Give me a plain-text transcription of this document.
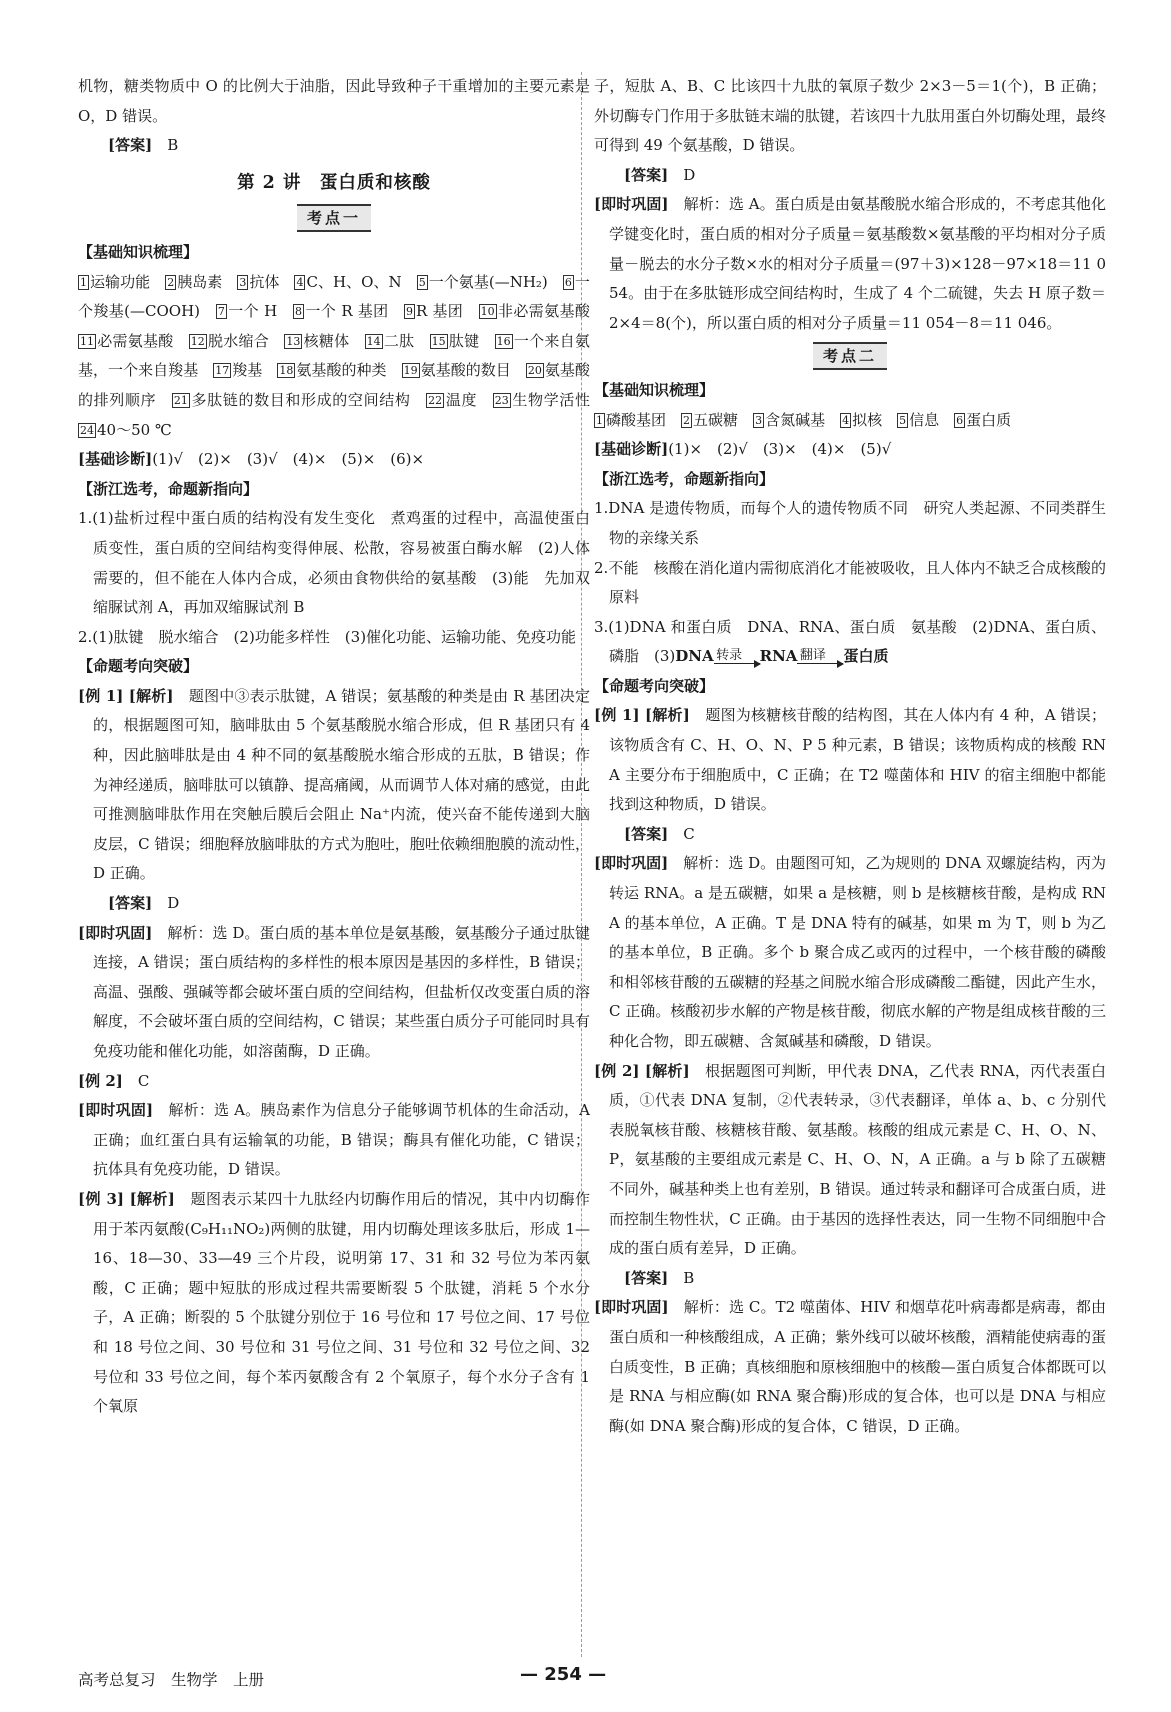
机物，糖类物质中 O 的比例大于油脂，因此导致种子干重增加的主要元素是 O，D 错误。

[答案]　 B

第 2 讲　蛋白质和核酸

考点一

【基础知识梳理】

1 运输功能　 2 胰岛素　 3 抗体　 4 C、H、O、N　 5 一个氨基(—NH₂)　 6 一个羧基(—COOH)　 7 一个 H　 8 一个 R 基团　 9 R 基团　 10 非必需氨基酸　11 必需氨基酸　 12 脱水缩合　 13 核糖体　 14 二肽　 15 肽键　 16 一个来自氨基，一个来自羧基　 17 羧基　 18 氨基酸的种类　 19 氨基酸的数目　 20 氨基酸的排列顺序　 21 多肽链的数目和形成的空间结构　 22 温度　 23 生物学活性　24 40～50 ℃

[基础诊断](1)√　(2)×　(3)√　(4)×　(5)×　(6)×

【浙江选考，命题新指向】

1.(1)盐析过程中蛋白质的结构没有发生变化　煮鸡蛋的过程中，高温使蛋白质变性，蛋白质的空间结构变得伸展、松散，容易被蛋白酶水解　(2)人体需要的，但不能在人体内合成，必须由食物供给的氨基酸　(3)能　先加双缩脲试剂 A，再加双缩脲试剂 B

2.(1)肽键　脱水缩合　(2)功能多样性　(3)催化功能、运输功能、免疫功能

【命题考向突破】

[例 1] [解析]　 题图中③表示肽键，A 错误；氨基酸的种类是由 R 基团决定的，根据题图可知，脑啡肽由 5 个氨基酸脱水缩合形成，但 R 基团只有 4 种，因此脑啡肽是由 4 种不同的氨基酸脱水缩合形成的五肽，B 错误；作为神经递质，脑啡肽可以镇静、提高痛阈，从而调节人体对痛的感觉，由此可推测脑啡肽作用在突触后膜后会阻止 Na⁺内流，使兴奋不能传递到大脑皮层，C 错误；细胞释放脑啡肽的方式为胞吐，胞吐依赖细胞膜的流动性，D 正确。

[答案]　 D

[即时巩固]　 解析：选 D。蛋白质的基本单位是氨基酸，氨基酸分子通过肽键连接，A 错误；蛋白质结构的多样性的根本原因是基因的多样性，B 错误；高温、强酸、强碱等都会破坏蛋白质的空间结构，但盐析仅改变蛋白质的溶解度，不会破坏蛋白质的空间结构，C 错误；某些蛋白质分子可能同时具有免疫功能和催化功能，如溶菌酶，D 正确。

[例 2]　 C

[即时巩固]　 解析：选 A。胰岛素作为信息分子能够调节机体的生命活动，A 正确；血红蛋白具有运输氧的功能，B 错误；酶具有催化功能，C 错误；抗体具有免疫功能，D 错误。

[例 3] [解析]　 题图表示某四十九肽经内切酶作用后的情况，其中内切酶作用于苯丙氨酸(C₉H₁₁NO₂)两侧的肽键，用内切酶处理该多肽后，形成 1—16、18—30、33—49 三个片段，说明第 17、31 和 32 号位为苯丙氨酸，C 正确；题中短肽的形成过程共需要断裂 5 个肽键，消耗 5 个水分子，A 正确；断裂的 5 个肽键分别位于 16 号位和 17 号位之间、17 号位和 18 号位之间、30 号位和 31 号位之间、31 号位和 32 号位之间、32 号位和 33 号位之间，每个苯丙氨酸含有 2 个氧原子，每个水分子含有 1 个氧原

子，短肽 A、B、C 比该四十九肽的氧原子数少 2×3－5＝1(个)，B 正确；外切酶专门作用于多肽链末端的肽键，若该四十九肽用蛋白外切酶处理，最终可得到 49 个氨基酸，D 错误。

[答案]　 D

[即时巩固]　 解析：选 A。蛋白质是由氨基酸脱水缩合形成的，不考虑其他化学键变化时，蛋白质的相对分子质量＝氨基酸数×氨基酸的平均相对分子质量－脱去的水分子数×水的相对分子质量＝(97＋3)×128－97×18＝11 054。由于在多肽链形成空间结构时，生成了 4 个二硫键，失去 H 原子数＝2×4＝8(个)，所以蛋白质的相对分子质量＝11 054－8＝11 046。

考点二

【基础知识梳理】

1 磷酸基团　 2 五碳糖　 3 含氮碱基　 4 拟核　 5 信息　 6 蛋白质

[基础诊断](1)×　(2)√　(3)×　(4)×　(5)√

【浙江选考，命题新指向】

1.DNA 是遗传物质，而每个人的遗传物质不同　研究人类起源、不同类群生物的亲缘关系

2.不能　核酸在消化道内需彻底消化才能被吸收，且人体内不缺乏合成核酸的原料

3.(1)DNA 和蛋白质　DNA、RNA、蛋白质　氨基酸　(2)DNA、蛋白质、磷脂　(3)DNA 转录	RNA 翻译	蛋白质

【命题考向突破】

[例 1] [解析]　 题图为核糖核苷酸的结构图，其在人体内有 4 种，A 错误；该物质含有 C、H、O、N、P 5 种元素，B 错误；该物质构成的核酸 RNA 主要分布于细胞质中，C 正确；在 T2 噬菌体和 HIV 的宿主细胞中都能找到这种物质，D 错误。

[答案]　 C

[即时巩固]　 解析：选 D。由题图可知，乙为规则的 DNA 双螺旋结构，丙为转运 RNA。a 是五碳糖，如果 a 是核糖，则 b 是核糖核苷酸，是构成 RNA 的基本单位，A 正确。T 是 DNA 特有的碱基，如果 m 为 T，则 b 为乙的基本单位，B 正确。多个 b 聚合成乙或丙的过程中，一个核苷酸的磷酸和相邻核苷酸的五碳糖的羟基之间脱水缩合形成磷酸二酯键，因此产生水，C 正确。核酸初步水解的产物是核苷酸，彻底水解的产物是组成核苷酸的三种化合物，即五碳糖、含氮碱基和磷酸，D 错误。

[例 2] [解析]　 根据题图可判断，甲代表 DNA，乙代表 RNA，丙代表蛋白质，①代表 DNA 复制，②代表转录，③代表翻译，单体 a、b、c 分别代表脱氧核苷酸、核糖核苷酸、氨基酸。核酸的组成元素是 C、H、O、N、P，氨基酸的主要组成元素是 C、H、O、N，A 正确。a 与 b 除了五碳糖不同外，碱基种类上也有差别，B 错误。通过转录和翻译可合成蛋白质，进而控制生物性状，C 正确。由于基因的选择性表达，同一生物不同细胞中合成的蛋白质有差异，D 正确。

[答案]　 B

[即时巩固]　 解析：选 C。T2 噬菌体、HIV 和烟草花叶病毒都是病毒，都由蛋白质和一种核酸组成，A 正确；紫外线可以破坏核酸，酒精能使病毒的蛋白质变性，B 正确；真核细胞和原核细胞中的核酸—蛋白质复合体都既可以是 RNA 与相应酶(如 RNA 聚合酶)形成的复合体，也可以是 DNA 与相应酶(如 DNA 聚合酶)形成的复合体，C 错误，D 正确。

高考总复习　生物学　上册	— 254 —
